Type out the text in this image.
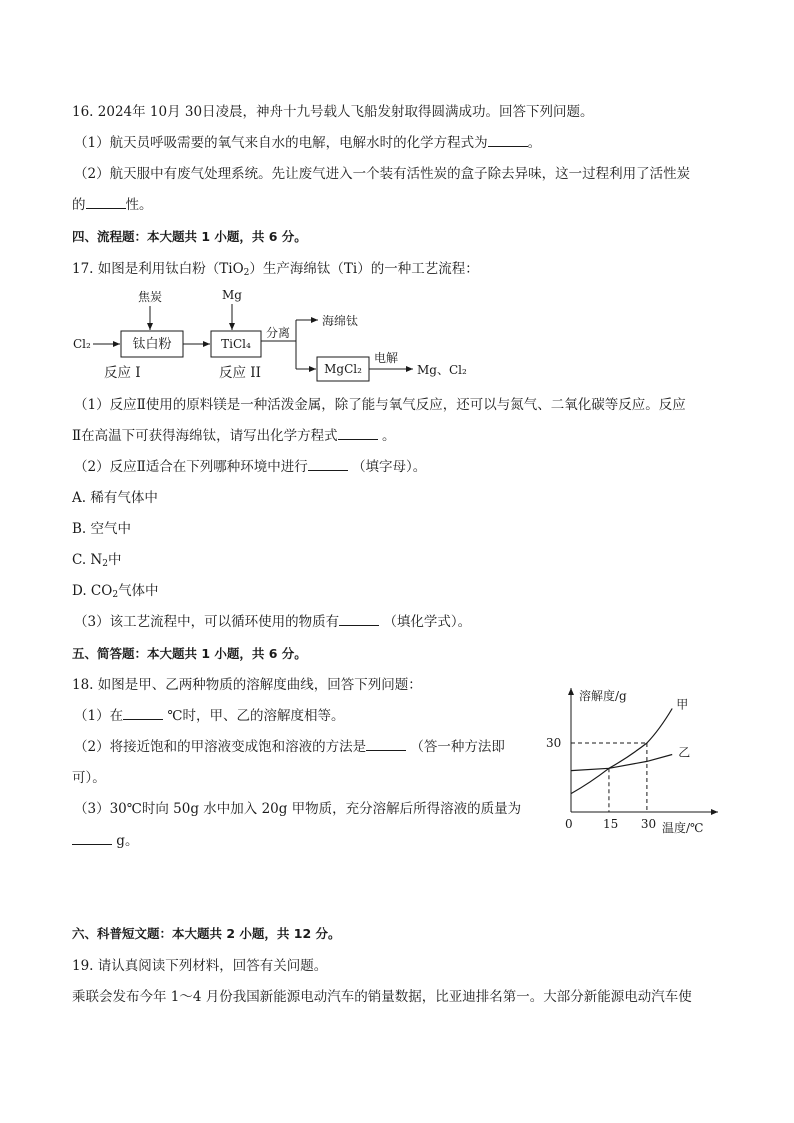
16. 2024年 10月 30日凌晨，神舟十九号载人飞船发射取得圆满成功。回答下列问题。
（1）航天员呼吸需要的氧气来自水的电解，电解水时的化学方程式为	。
（2）航天服中有废气处理系统。先让废气进入一个装有活性炭的盒子除去异味，这一过程利用了活性炭
的	性。
四、流程题：本大题共 1 小题，共 6 分。
17. 如图是利用钛白粉（TiO$_2$）生产海绵钛（Ti）的一种工艺流程：
Cl₂	钛白粉
焦炭
TiCl₄
Mg
分离
海绵钛
MgCl₂
电解
Mg、Cl₂
反应 I	反应 II
（1）反应Ⅱ使用的原料镁是一种活泼金属，除了能与氧气反应，还可以与氮气、二氧化碳等反应。反应
Ⅱ在高温下可获得海绵钛，请写出化学方程式	。
（2）反应Ⅱ适合在下列哪种环境中进行	（填字母）。
A. 稀有气体中
B. 空气中
C. $N_2$中
D. $CO_2$气体中
（3）该工艺流程中，可以循环使用的物质有	（填化学式）。
五、简答题：本大题共 1 小题，共 6 分。
18. 如图是甲、乙两种物质的溶解度曲线，回答下列问题：
（1）在	℃时，甲、乙的溶解度相等。
（2）将接近饱和的甲溶液变成饱和溶液的方法是	（答一种方法即
可）。
（3）30℃时向 50g 水中加入 20g 甲物质，充分溶解后所得溶液的质量为
g。
溶解度/g
温度/℃
0	15 30
30
甲
乙
六、科普短文题：本大题共 2 小题，共 12 分。
19. 请认真阅读下列材料，回答有关问题。
乘联会发布今年 1～4 月份我国新能源电动汽车的销量数据，比亚迪排名第一。大部分新能源电动汽车使
